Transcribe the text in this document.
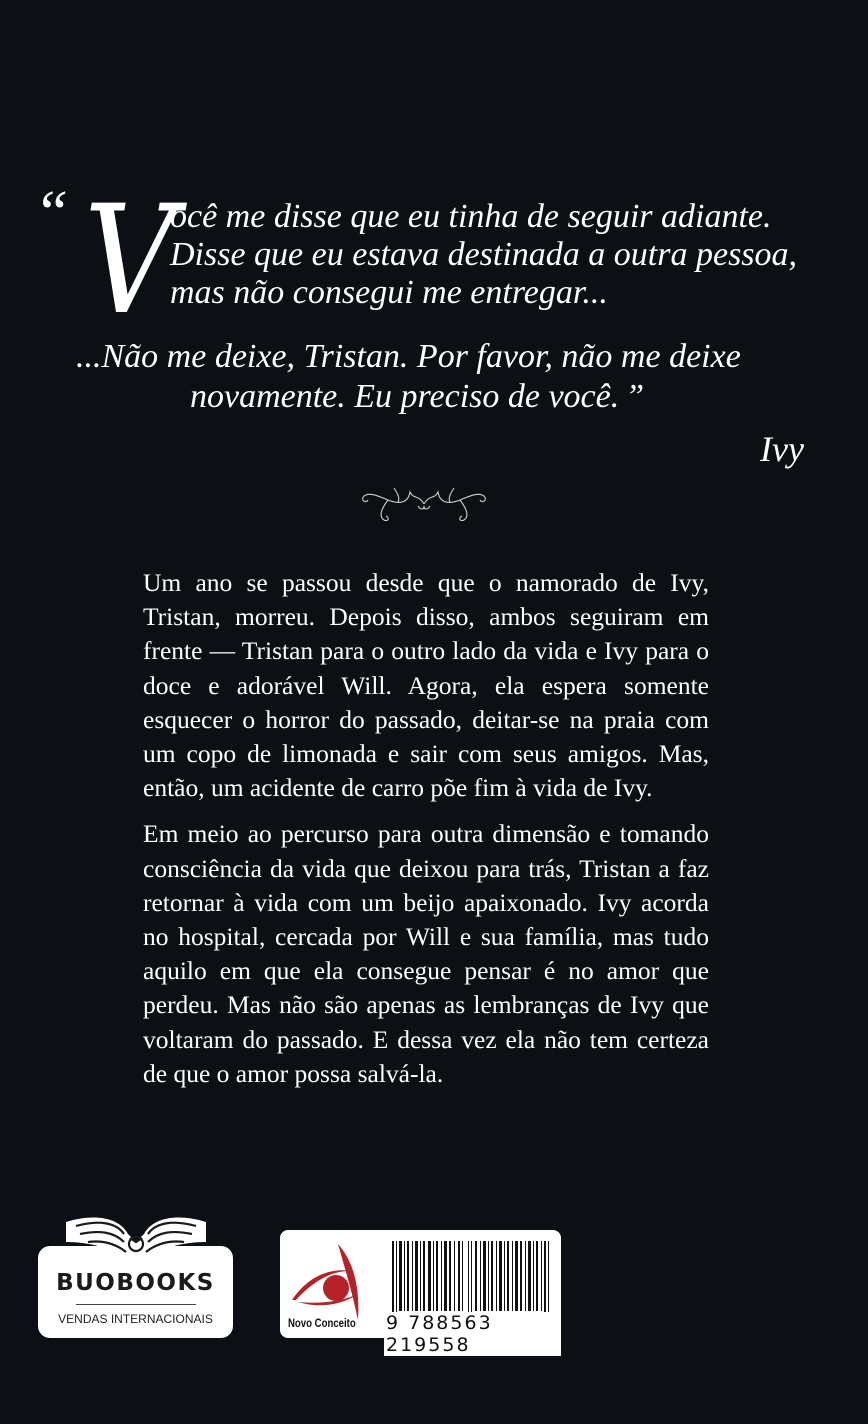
“ V
ocê me disse que eu tinha de seguir adiante.
Disse que eu estava destinada a outra pessoa,
mas não consegui me entregar...
...Não me deixe, Tristan. Por favor, não me deixe
novamente. Eu preciso de você. ”
Ivy

Um ano se passou desde que o namorado de Ivy, Tristan, morreu. Depois disso, ambos seguiram em frente — Tristan para o outro lado da vida e Ivy para o doce e adorável Will. Agora, ela espera somente esquecer o horror do passado, deitar-se na praia com um copo de limonada e sair com seus amigos. Mas, então, um acidente de carro põe fim à vida de Ivy.

Em meio ao percurso para outra dimensão e tomando consciência da vida que deixou para trás, Tristan a faz retornar à vida com um beijo apaixonado. Ivy acorda no hospital, cercada por Will e sua família, mas tudo aquilo em que ela consegue pensar é no amor que perdeu. Mas não são apenas as lembranças de Ivy que voltaram do passado. E dessa vez ela não tem certeza de que o amor possa salvá-la.

BUOBOOKS
VENDAS INTERNACIONAIS	Novo Conceito 9 788563 219558
